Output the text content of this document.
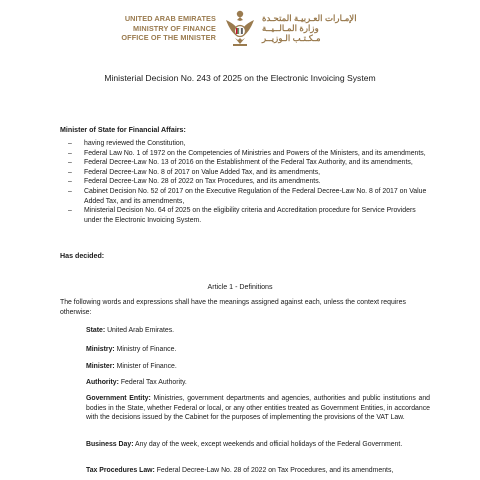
UNITED ARAB EMIRATES
MINISTRY OF FINANCE
OFFICE OF THE MINISTER
الإمـارات العـربيـة المتحـدة
وزارة المـالــيــة
مـكـتـب الـوزيــر
Ministerial Decision No. 243 of 2025 on the Electronic Invoicing System
Minister of State for Financial Affairs:
– having reviewed the Constitution,
– Federal Law No. 1 of 1972 on the Competencies of Ministries and Powers of the Ministers, and its amendments,
– Federal Decree-Law No. 13 of 2016 on the Establishment of the Federal Tax Authority, and its amendments,
– Federal Decree-Law No. 8 of 2017 on Value Added Tax, and its amendments,
– Federal Decree-Law No. 28 of 2022 on Tax Procedures, and its amendments.
– Cabinet Decision No. 52 of 2017 on the Executive Regulation of the Federal Decree-Law No. 8 of 2017 on Value Added Tax, and its amendments,
– Ministerial Decision No. 64 of 2025 on the eligibility criteria and Accreditation procedure for Service Providers under the Electronic Invoicing System.
Has decided:
Article 1 - Definitions
The following words and expressions shall have the meanings assigned against each, unless the context requires otherwise:
State: United Arab Emirates.
Ministry: Ministry of Finance.
Minister: Minister of Finance.
Authority: Federal Tax Authority.
Government Entity: Ministries, government departments and agencies, authorities and public institutions and bodies in the State, whether Federal or local, or any other entities treated as Government Entities, in accordance with the decisions issued by the Cabinet for the purposes of implementing the provisions of the VAT Law.
Business Day: Any day of the week, except weekends and official holidays of the Federal Government.
Tax Procedures Law: Federal Decree-Law No. 28 of 2022 on Tax Procedures, and its amendments,
